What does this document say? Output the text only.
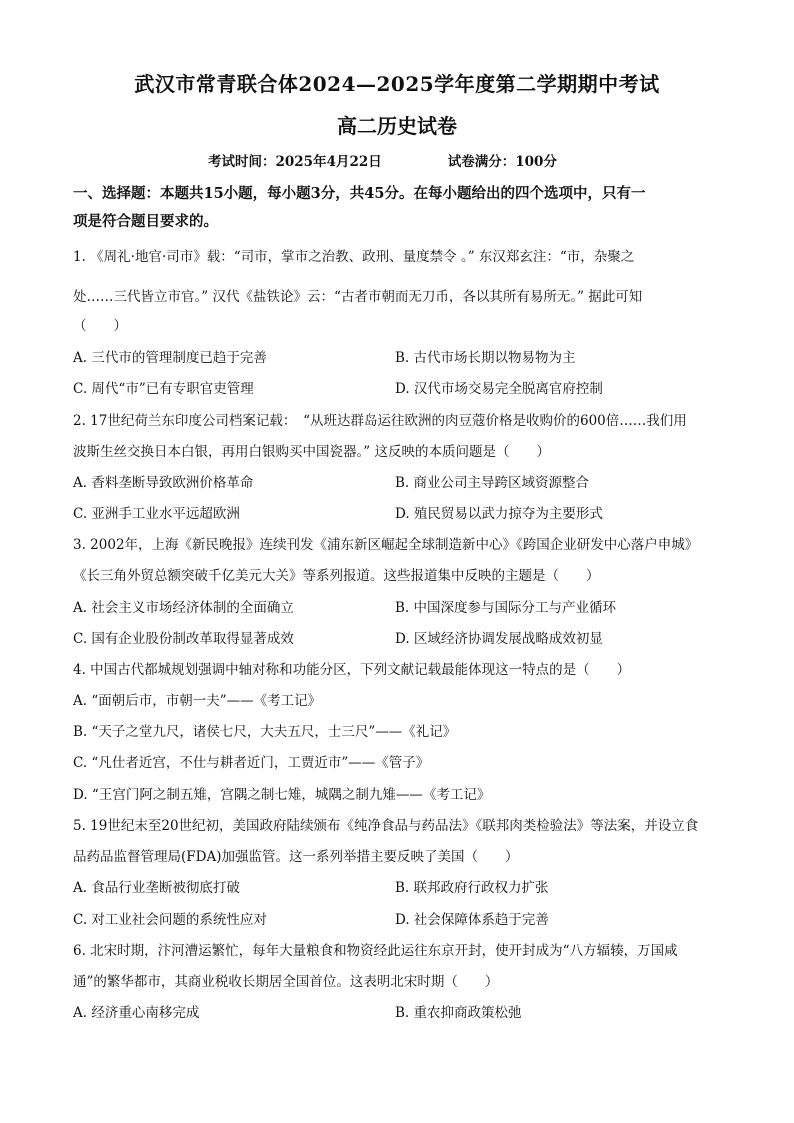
武汉市常青联合体2024—2025学年度第二学期期中考试
高二历史试卷
考试时间：2025年4月22日	试卷满分：100分
一、选择题：本题共15小题，每小题3分，共45分。在每小题给出的四个选项中，只有一
项是符合题目要求的。
1. 《周礼·地官·司市》载：“司市，掌市之治教、政刑、量度禁令 。” 东汉郑玄注：“市，杂聚之
处……三代皆立市官。” 汉代《盐铁论》云：“古者市朝而无刀币，各以其所有易所无。” 据此可知
（　　）
A. 三代市的管理制度已趋于完善	B. 古代市场长期以物易物为主
C. 周代“市”已有专职官吏管理	D. 汉代市场交易完全脱离官府控制
2. 17世纪荷兰东印度公司档案记载：　“从班达群岛运往欧洲的肉豆蔻价格是收购价的600倍……我们用
波斯生丝交换日本白银，再用白银购买中国瓷器。” 这反映的本质问题是（　　）
A. 香料垄断导致欧洲价格革命	B. 商业公司主导跨区域资源整合
C. 亚洲手工业水平远超欧洲	D. 殖民贸易以武力掠夺为主要形式
3. 2002年，上海《新民晚报》连续刊发《浦东新区崛起全球制造新中心》《跨国企业研发中心落户申城》
《长三角外贸总额突破千亿美元大关》等系列报道。这些报道集中反映的主题是（　　）
A. 社会主义市场经济体制的全面确立	B. 中国深度参与国际分工与产业循环
C. 国有企业股份制改革取得显著成效	D. 区域经济协调发展战略成效初显
4. 中国古代都城规划强调中轴对称和功能分区，下列文献记载最能体现这一特点的是（　　）
A. “面朝后市，市朝一夫”——《考工记》
B. “天子之堂九尺，诸侯七尺，大夫五尺，士三尺”——《礼记》
C. “凡仕者近宫，不仕与耕者近门，工贾近市”——《管子》
D. “王宫门阿之制五雉，宫隅之制七雉，城隅之制九雉——《考工记》
5. 19世纪末至20世纪初，美国政府陆续颁布《纯净食品与药品法》《联邦肉类检验法》等法案，并设立食
品药品监督管理局(FDA)加强监管。这一系列举措主要反映了美国（　　）
A. 食品行业垄断被彻底打破	B. 联邦政府行政权力扩张
C. 对工业社会问题的系统性应对	D. 社会保障体系趋于完善
6. 北宋时期，汴河漕运繁忙，每年大量粮食和物资经此运往东京开封，使开封成为“八方辐辏，万国咸
通”的繁华都市，其商业税收长期居全国首位。这表明北宋时期（　　）
A. 经济重心南移完成	B. 重农抑商政策松弛
